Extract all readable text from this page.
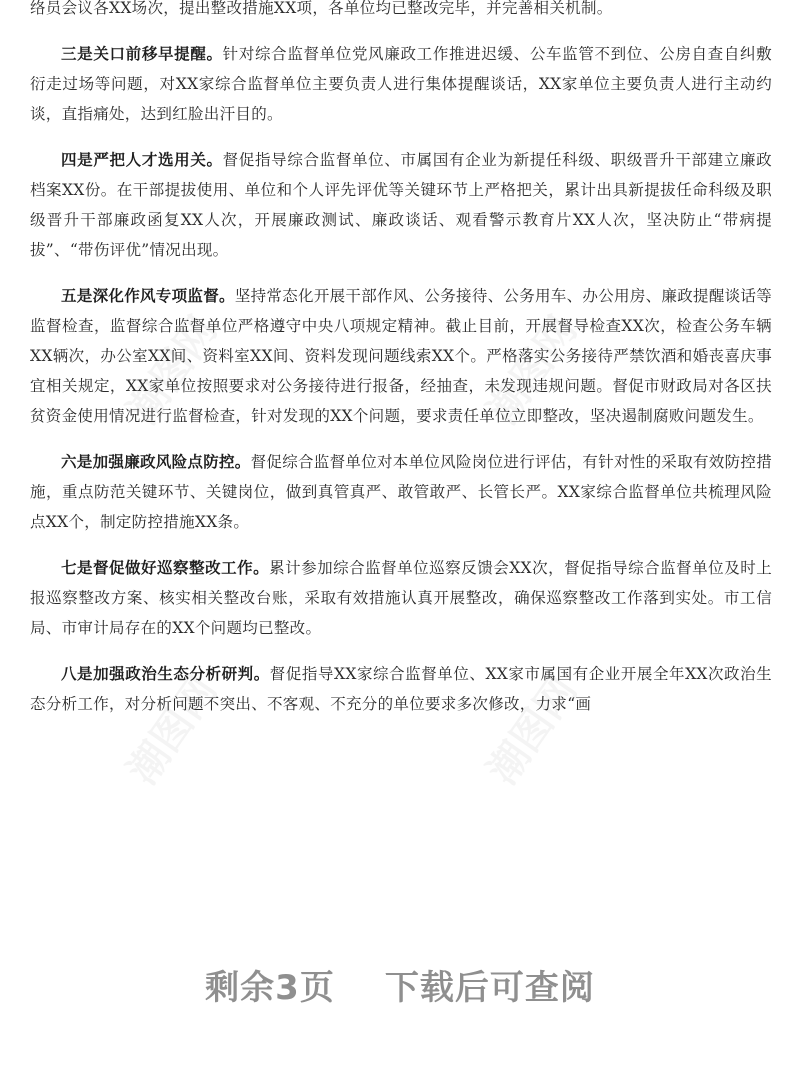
络员会议各XX场次，提出整改措施XX项，各单位均已整改完毕，并完善相关机制。

三是关口前移早提醒。针对综合监督单位党风廉政工作推进迟缓、公车监管不到位、公房自查自纠敷衍走过场等问题，对XX家综合监督单位主要负责人进行集体提醒谈话，XX家单位主要负责人进行主动约谈，直指痛处，达到红脸出汗目的。

四是严把人才选用关。督促指导综合监督单位、市属国有企业为新提任科级、职级晋升干部建立廉政档案XX份。在干部提拔使用、单位和个人评先评优等关键环节上严格把关，累计出具新提拔任命科级及职级晋升干部廉政函复XX人次，开展廉政测试、廉政谈话、观看警示教育片XX人次，坚决防止“带病提拔”、“带伤评优”情况出现。

五是深化作风专项监督。坚持常态化开展干部作风、公务接待、公务用车、办公用房、廉政提醒谈话等监督检查，监督综合监督单位严格遵守中央八项规定精神。截止目前，开展督导检查XX次，检查公务车辆XX辆次，办公室XX间、资料室XX间、资料发现问题线索XX个。严格落实公务接待严禁饮酒和婚丧喜庆事宜相关规定，XX家单位按照要求对公务接待进行报备，经抽查，未发现违规问题。督促市财政局对各区扶贫资金使用情况进行监督检查，针对发现的XX个问题，要求责任单位立即整改，坚决遏制腐败问题发生。

六是加强廉政风险点防控。督促综合监督单位对本单位风险岗位进行评估，有针对性的采取有效防控措施，重点防范关键环节、关键岗位，做到真管真严、敢管敢严、长管长严。XX家综合监督单位共梳理风险点XX个，制定防控措施XX条。

七是督促做好巡察整改工作。累计参加综合监督单位巡察反馈会XX次，督促指导综合监督单位及时上报巡察整改方案、核实相关整改台账，采取有效措施认真开展整改，确保巡察整改工作落到实处。市工信局、市审计局存在的XX个问题均已整改。

八是加强政治生态分析研判。督促指导XX家综合监督单位、XX家市属国有企业开展全年XX次政治生态分析工作，对分析问题不突出、不客观、不充分的单位要求多次修改，力求“画

剩余3页 下载后可查阅
